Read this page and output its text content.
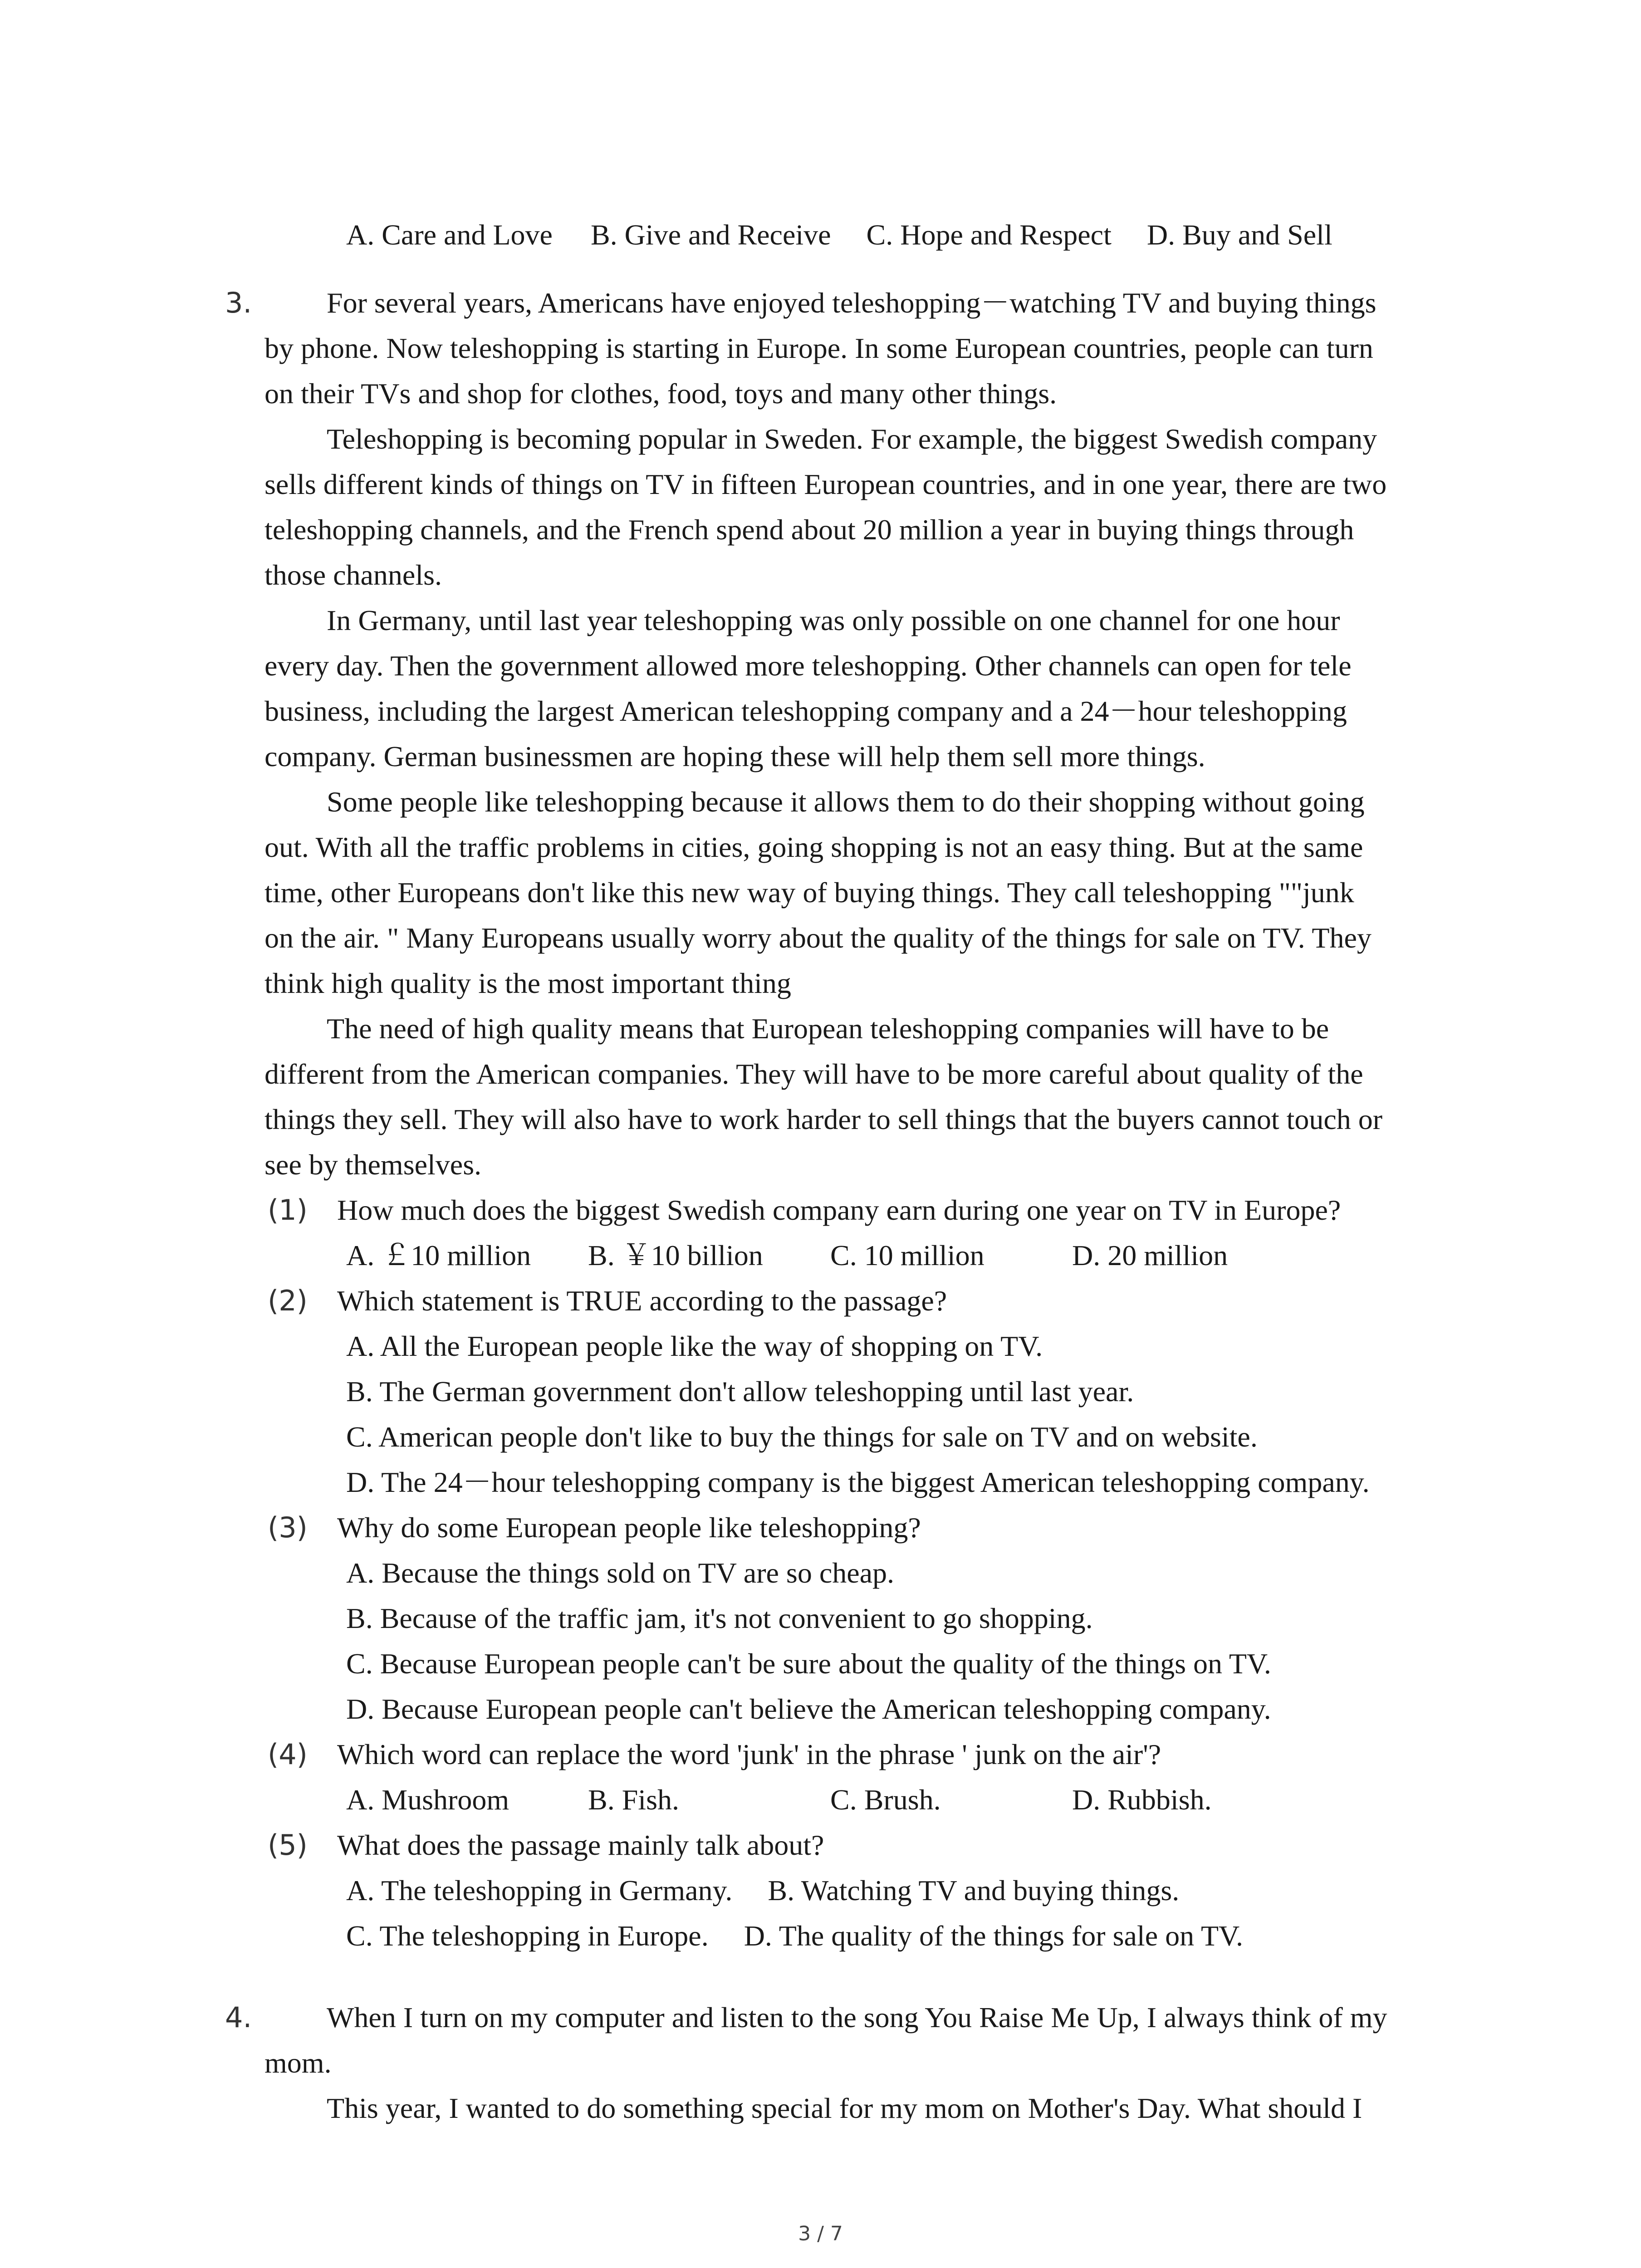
A. Care and Love B. Give and Receive C. Hope and Respect D. Buy and Sell
3.	For several years, Americans have enjoyed teleshopping－watching TV and buying things
by phone. Now teleshopping is starting in Europe. In some European countries, people can turn
on their TVs and shop for clothes, food, toys and many other things.
Teleshopping is becoming popular in Sweden. For example, the biggest Swedish company
sells different kinds of things on TV in fifteen European countries, and in one year, there are two
teleshopping channels, and the French spend about 20 million a year in buying things through
those channels.
In Germany, until last year teleshopping was only possible on one channel for one hour
every day. Then the government allowed more teleshopping. Other channels can open for tele
business, including the largest American teleshopping company and a 24－hour teleshopping
company. German businessmen are hoping these will help them sell more things.
Some people like teleshopping because it allows them to do their shopping without going
out. With all the traffic problems in cities, going shopping is not an easy thing. But at the same
time, other Europeans don't like this new way of buying things. They call teleshopping ""junk
on the air. " Many Europeans usually worry about the quality of the things for sale on TV. They
think high quality is the most important thing
The need of high quality means that European teleshopping companies will have to be
different from the American companies. They will have to be more careful about quality of the
things they sell. They will also have to work harder to sell things that the buyers cannot touch or
see by themselves.
(1) How much does the biggest Swedish company earn during one year on TV in Europe?
A. ￡10 million B. ￥10 billion C. 10 million	D. 20 million
(2) Which statement is TRUE according to the passage?
A. All the European people like the way of shopping on TV.
B. The German government don't allow teleshopping until last year.
C. American people don't like to buy the things for sale on TV and on website.
D. The 24－hour teleshopping company is the biggest American teleshopping company.
(3) Why do some European people like teleshopping?
A. Because the things sold on TV are so cheap.
B. Because of the traffic jam, it's not convenient to go shopping.
C. Because European people can't be sure about the quality of the things on TV.
D. Because European people can't believe the American teleshopping company.
(4) Which word can replace the word 'junk' in the phrase ' junk on the air'?
A. Mushroom	B. Fish.	C. Brush.	D. Rubbish.
(5) What does the passage mainly talk about?
A. The teleshopping in Germany. B. Watching TV and buying things.
C. The teleshopping in Europe. D. The quality of the things for sale on TV.
4.	When I turn on my computer and listen to the song You Raise Me Up, I always think of my
mom.
This year, I wanted to do something special for my mom on Mother's Day. What should I
3 / 7
